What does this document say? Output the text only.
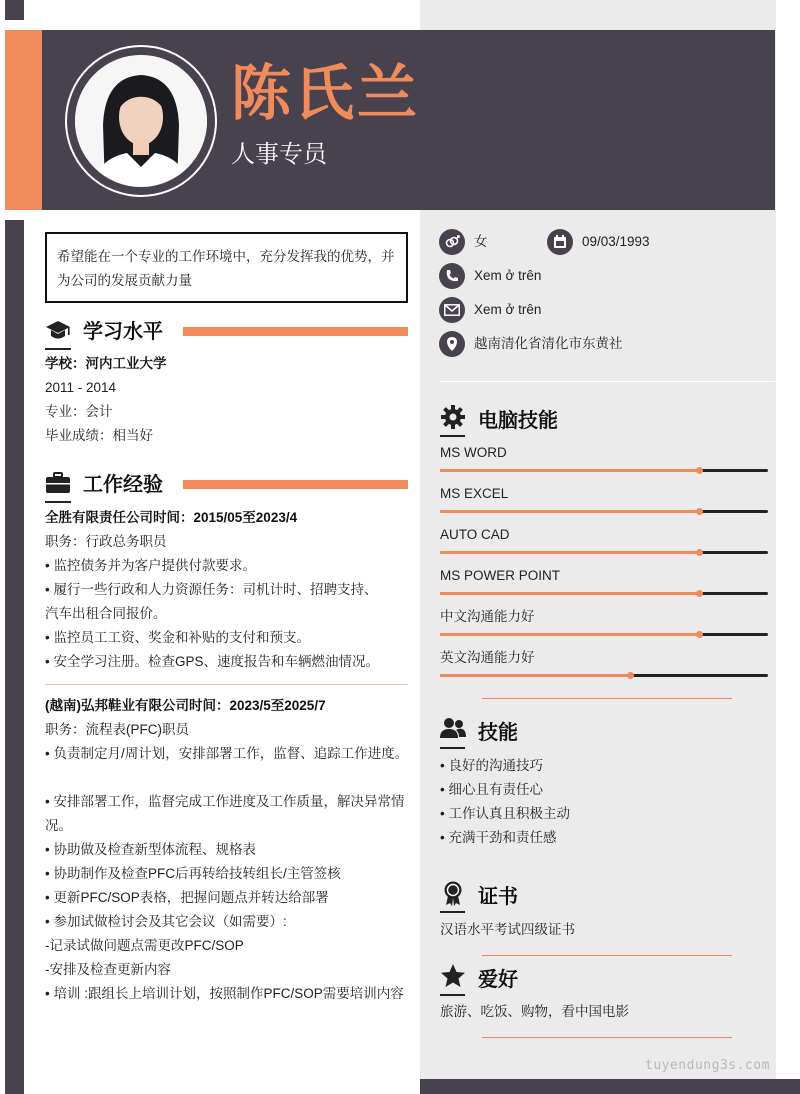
陈氏兰
人事专员
希望能在一个专业的工作环境中，充分发挥我的优势，并为公司的发展贡献力量
学习水平
学校：河内工业大学
2011 - 2014
专业：会计
毕业成绩：相当好
工作经验
全胜有限责任公司时间：2015/05至2023/4
职务：行政总务职员
• 监控债务并为客户提供付款要求。
• 履行一些行政和人力资源任务：司机计时、招聘支持、
汽车出租合同报价。
• 监控员工工资、奖金和补贴的支付和预支。
• 安全学习注册。检查GPS、速度报告和车辆燃油情况。
(越南)弘邦鞋业有限公司时间：2023/5至2025/7
职务：流程表(PFC)职员
• 负责制定月/周计划，安排部署工作，监督、追踪工作进度。
• 安排部署工作，监督完成工作进度及工作质量，解决异常情况。
• 协助做及检查新型体流程、规格表
• 协助制作及检查PFC后再转给技转组长/主管签核
• 更新PFC/SOP表格，把握问题点并转达给部署
• 参加试做检讨会及其它会议（如需要）:
-记录试做问题点需更改PFC/SOP
-安排及检查更新内容
• 培训 :跟组长上培训计划，按照制作PFC/SOP需要培训内容
女	09/03/1993
Xem ở trên
Xem ở trên
越南清化省清化市东黄社
电脑技能
MS WORD
MS EXCEL
AUTO CAD
MS POWER POINT
中文沟通能力好
英文沟通能力好
技能
• 良好的沟通技巧
• 细心且有责任心
• 工作认真且积极主动
• 充满干劲和责任感
证书
汉语水平考试四级证书
爱好
旅游、吃饭、购物，看中国电影
tuyendung3s.com
